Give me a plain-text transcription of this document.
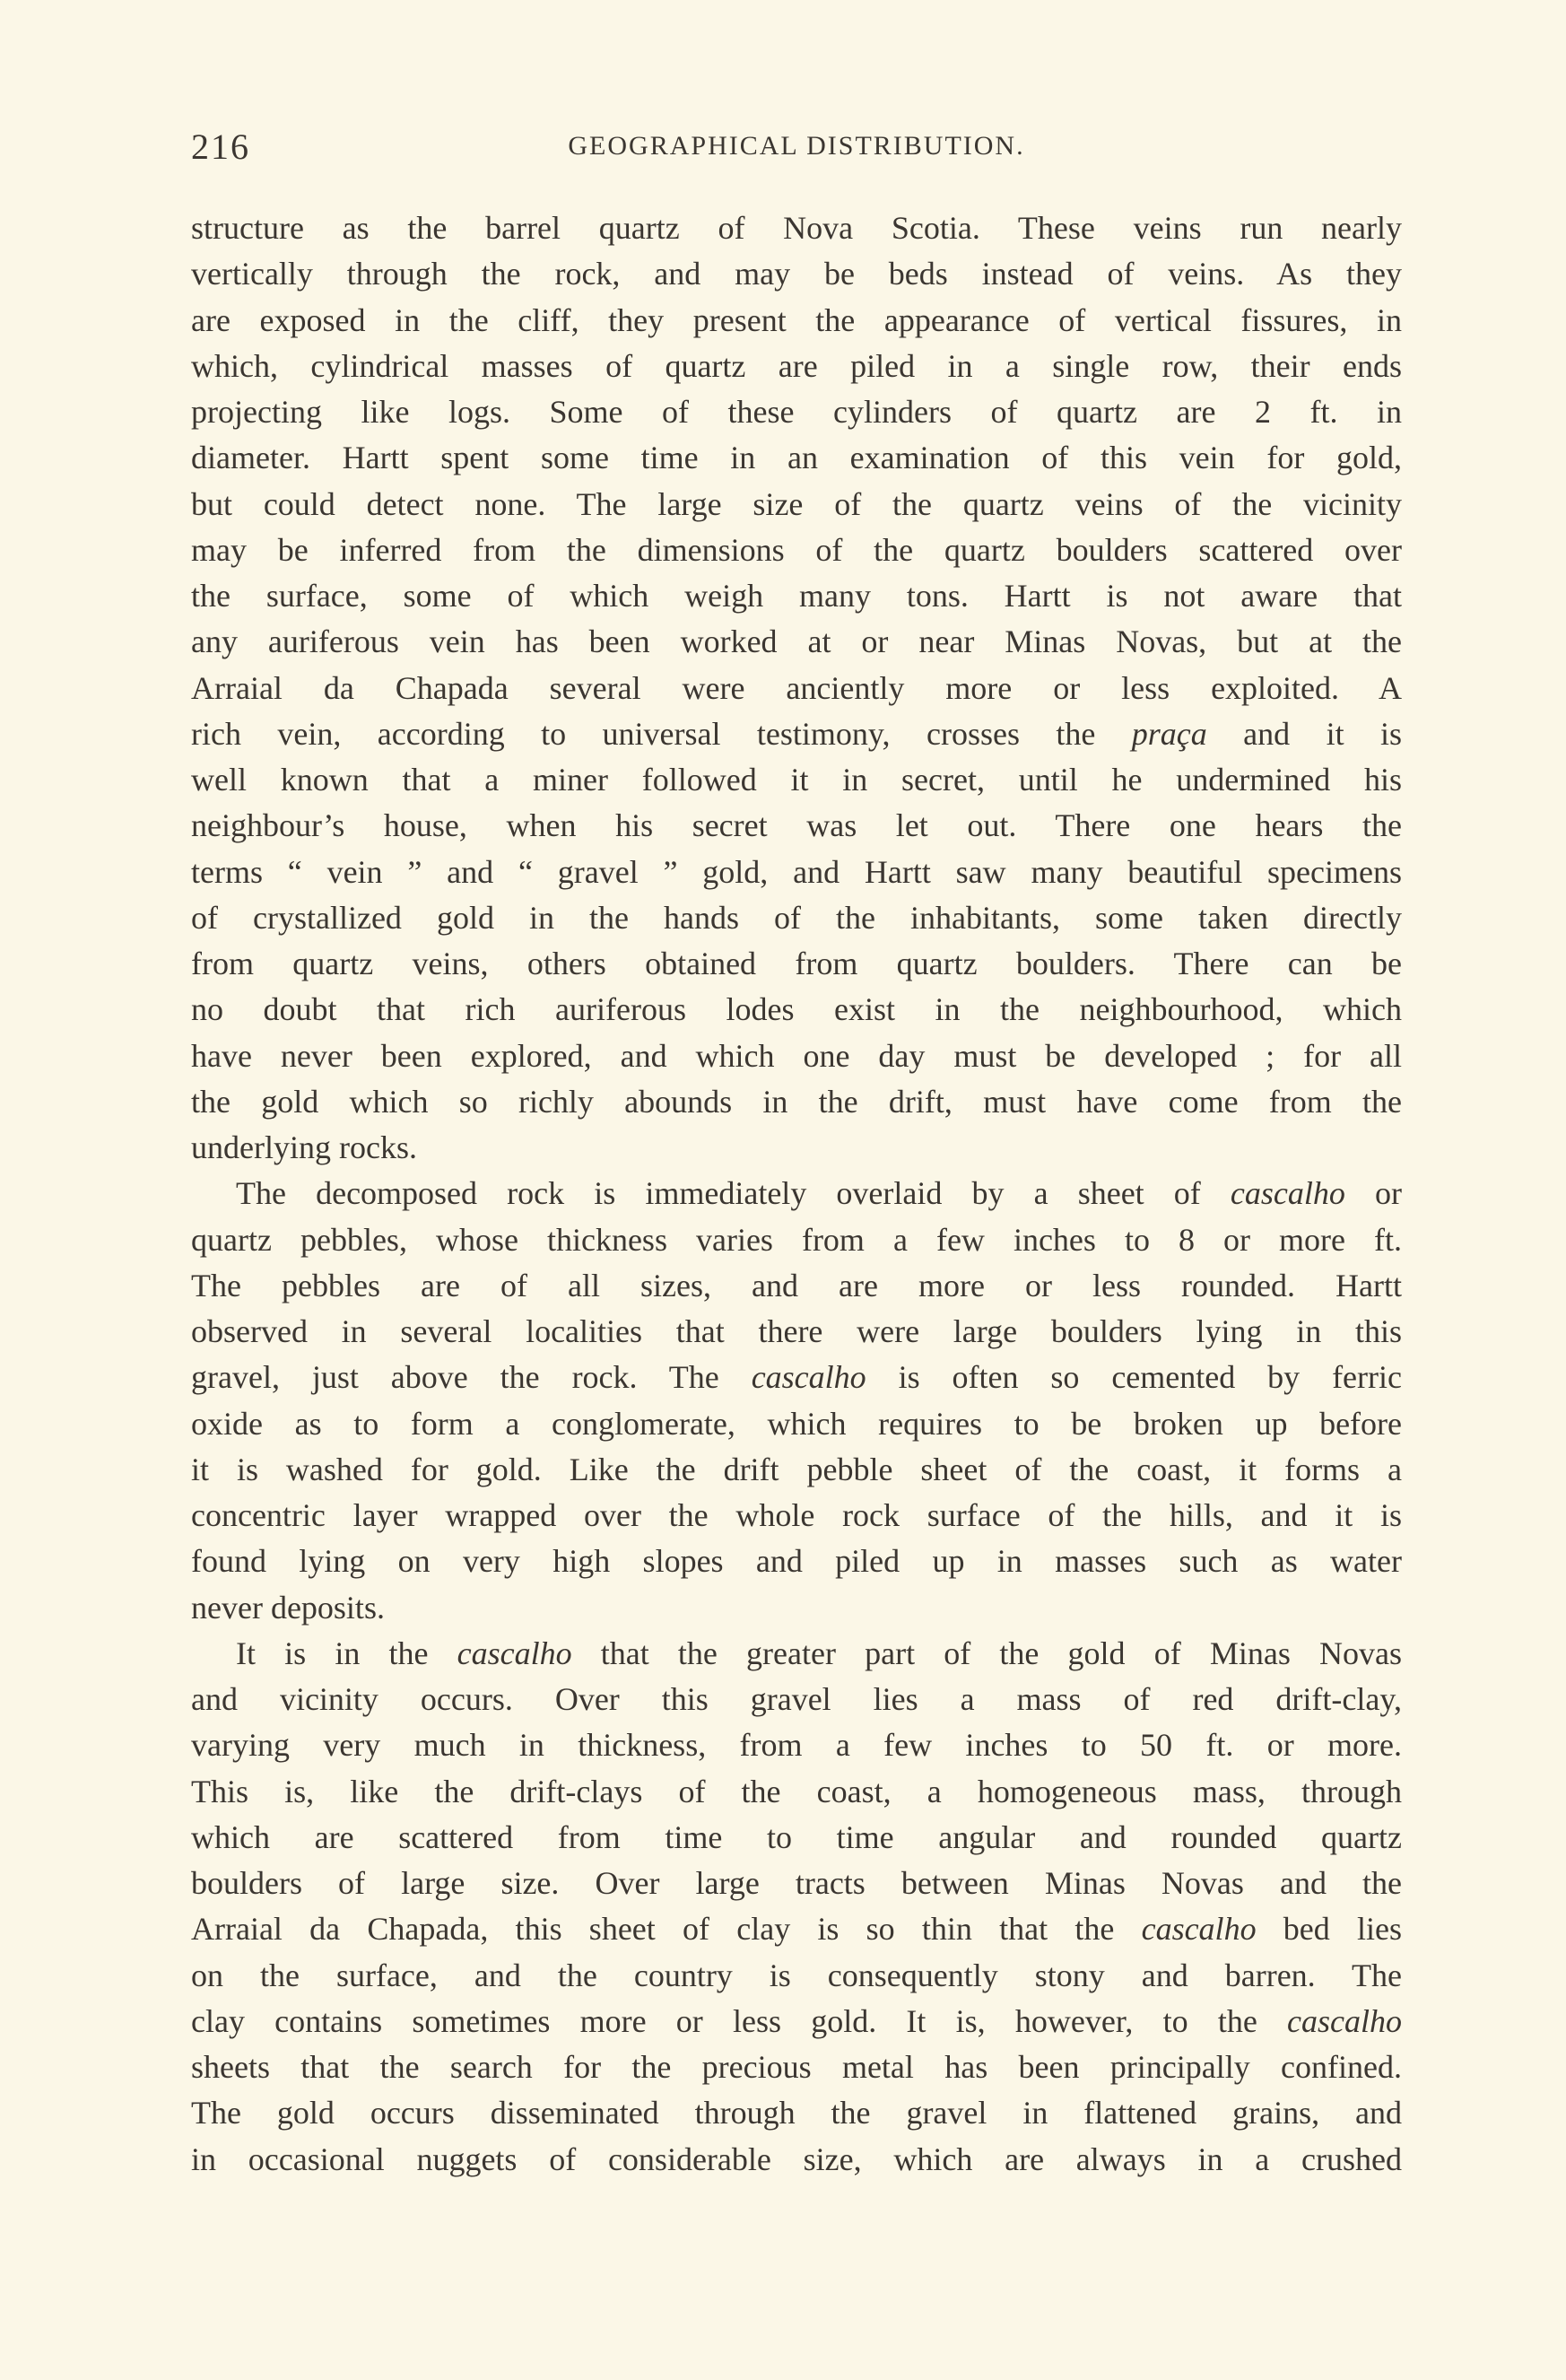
216	GEOGRAPHICAL DISTRIBUTION.
structure as the barrel quartz of Nova Scotia. These veins run nearly
vertically through the rock, and may be beds instead of veins. As they
are exposed in the cliff, they present the appearance of vertical fissures, in
which, cylindrical masses of quartz are piled in a single row, their ends
projecting like logs. Some of these cylinders of quartz are 2 ft. in
diameter. Hartt spent some time in an examination of this vein for gold,
but could detect none. The large size of the quartz veins of the vicinity
may be inferred from the dimensions of the quartz boulders scattered over
the surface, some of which weigh many tons. Hartt is not aware that
any auriferous vein has been worked at or near Minas Novas, but at the
Arraial da Chapada several were anciently more or less exploited. A
rich vein, according to universal testimony, crosses the praça and it is
well known that a miner followed it in secret, until he undermined his
neighbour’s house, when his secret was let out. There one hears the
terms “ vein ” and “ gravel ” gold, and Hartt saw many beautiful specimens
of crystallized gold in the hands of the inhabitants, some taken directly
from quartz veins, others obtained from quartz boulders. There can be
no doubt that rich auriferous lodes exist in the neighbourhood, which
have never been explored, and which one day must be developed ; for all
the gold which so richly abounds in the drift, must have come from the
underlying rocks.
The decomposed rock is immediately overlaid by a sheet of cascalho or
quartz pebbles, whose thickness varies from a few inches to 8 or more ft.
The pebbles are of all sizes, and are more or less rounded. Hartt
observed in several localities that there were large boulders lying in this
gravel, just above the rock. The cascalho is often so cemented by ferric
oxide as to form a conglomerate, which requires to be broken up before
it is washed for gold. Like the drift pebble sheet of the coast, it forms a
concentric layer wrapped over the whole rock surface of the hills, and it is
found lying on very high slopes and piled up in masses such as water
never deposits.
It is in the cascalho that the greater part of the gold of Minas Novas
and vicinity occurs. Over this gravel lies a mass of red drift-clay,
varying very much in thickness, from a few inches to 50 ft. or more.
This is, like the drift-clays of the coast, a homogeneous mass, through
which are scattered from time to time angular and rounded quartz
boulders of large size. Over large tracts between Minas Novas and the
Arraial da Chapada, this sheet of clay is so thin that the cascalho bed lies
on the surface, and the country is consequently stony and barren. The
clay contains sometimes more or less gold. It is, however, to the cascalho
sheets that the search for the precious metal has been principally confined.
The gold occurs disseminated through the gravel in flattened grains, and
in occasional nuggets of considerable size, which are always in a crushed
